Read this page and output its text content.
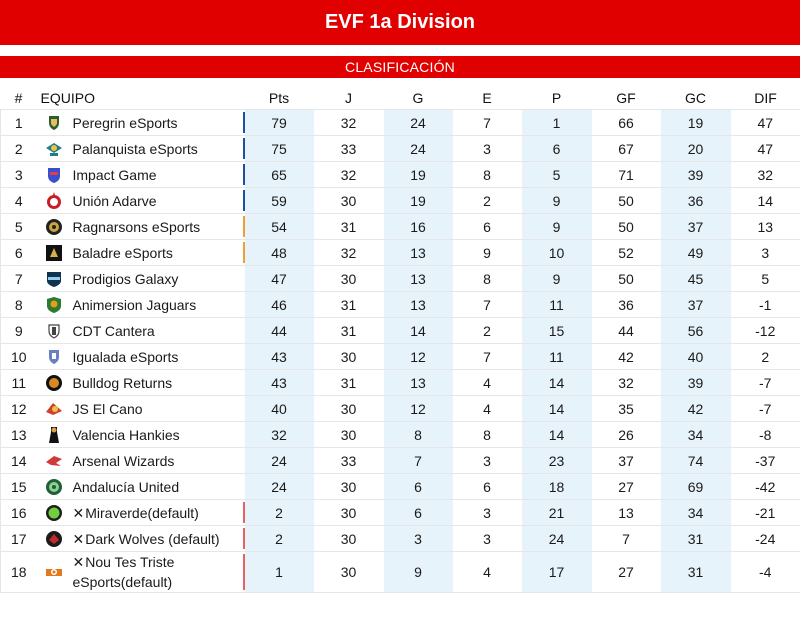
EVF 1a Division
CLASIFICACIÓN
#	EQUIPO	Pts	J	G	E	P	GF	GC	DIF
1	Peregrin eSports	79	32	24	7	1	66	19	47
2	Palanquista eSports	75	33	24	3	6	67	20	47
3	Impact Game	65	32	19	8	5	71	39	32
4	Unión Adarve	59	30	19	2	9	50	36	14
5	Ragnarsons eSports	54	31	16	6	9	50	37	13
6	Baladre eSports	48	32	13	9	10	52	49	3
7	Prodigios Galaxy	47	30	13	8	9	50	45	5
8	Animersion Jaguars	46	31	13	7	11	36	37	-1
9	CDT Cantera	44	31	14	2	15	44	56	-12
10	Igualada eSports	43	30	12	7	11	42	40	2
11	Bulldog Returns	43	31	13	4	14	32	39	-7
12	JS El Cano	40	30	12	4	14	35	42	-7
13	Valencia Hankies	32	30	8	8	14	26	34	-8
14	Arsenal Wizards	24	33	7	3	23	37	74	-37
15	Andalucía United	24	30	6	6	18	27	69	-42
16	✕Miraverde(default)	2	30	6	3	21	13	34	-21
17	✕Dark Wolves (default)	2	30	3	3	24	7	31	-24
18	✕Nou Tes Triste eSports(default)	1	30	9	4	17	27	31	-4
